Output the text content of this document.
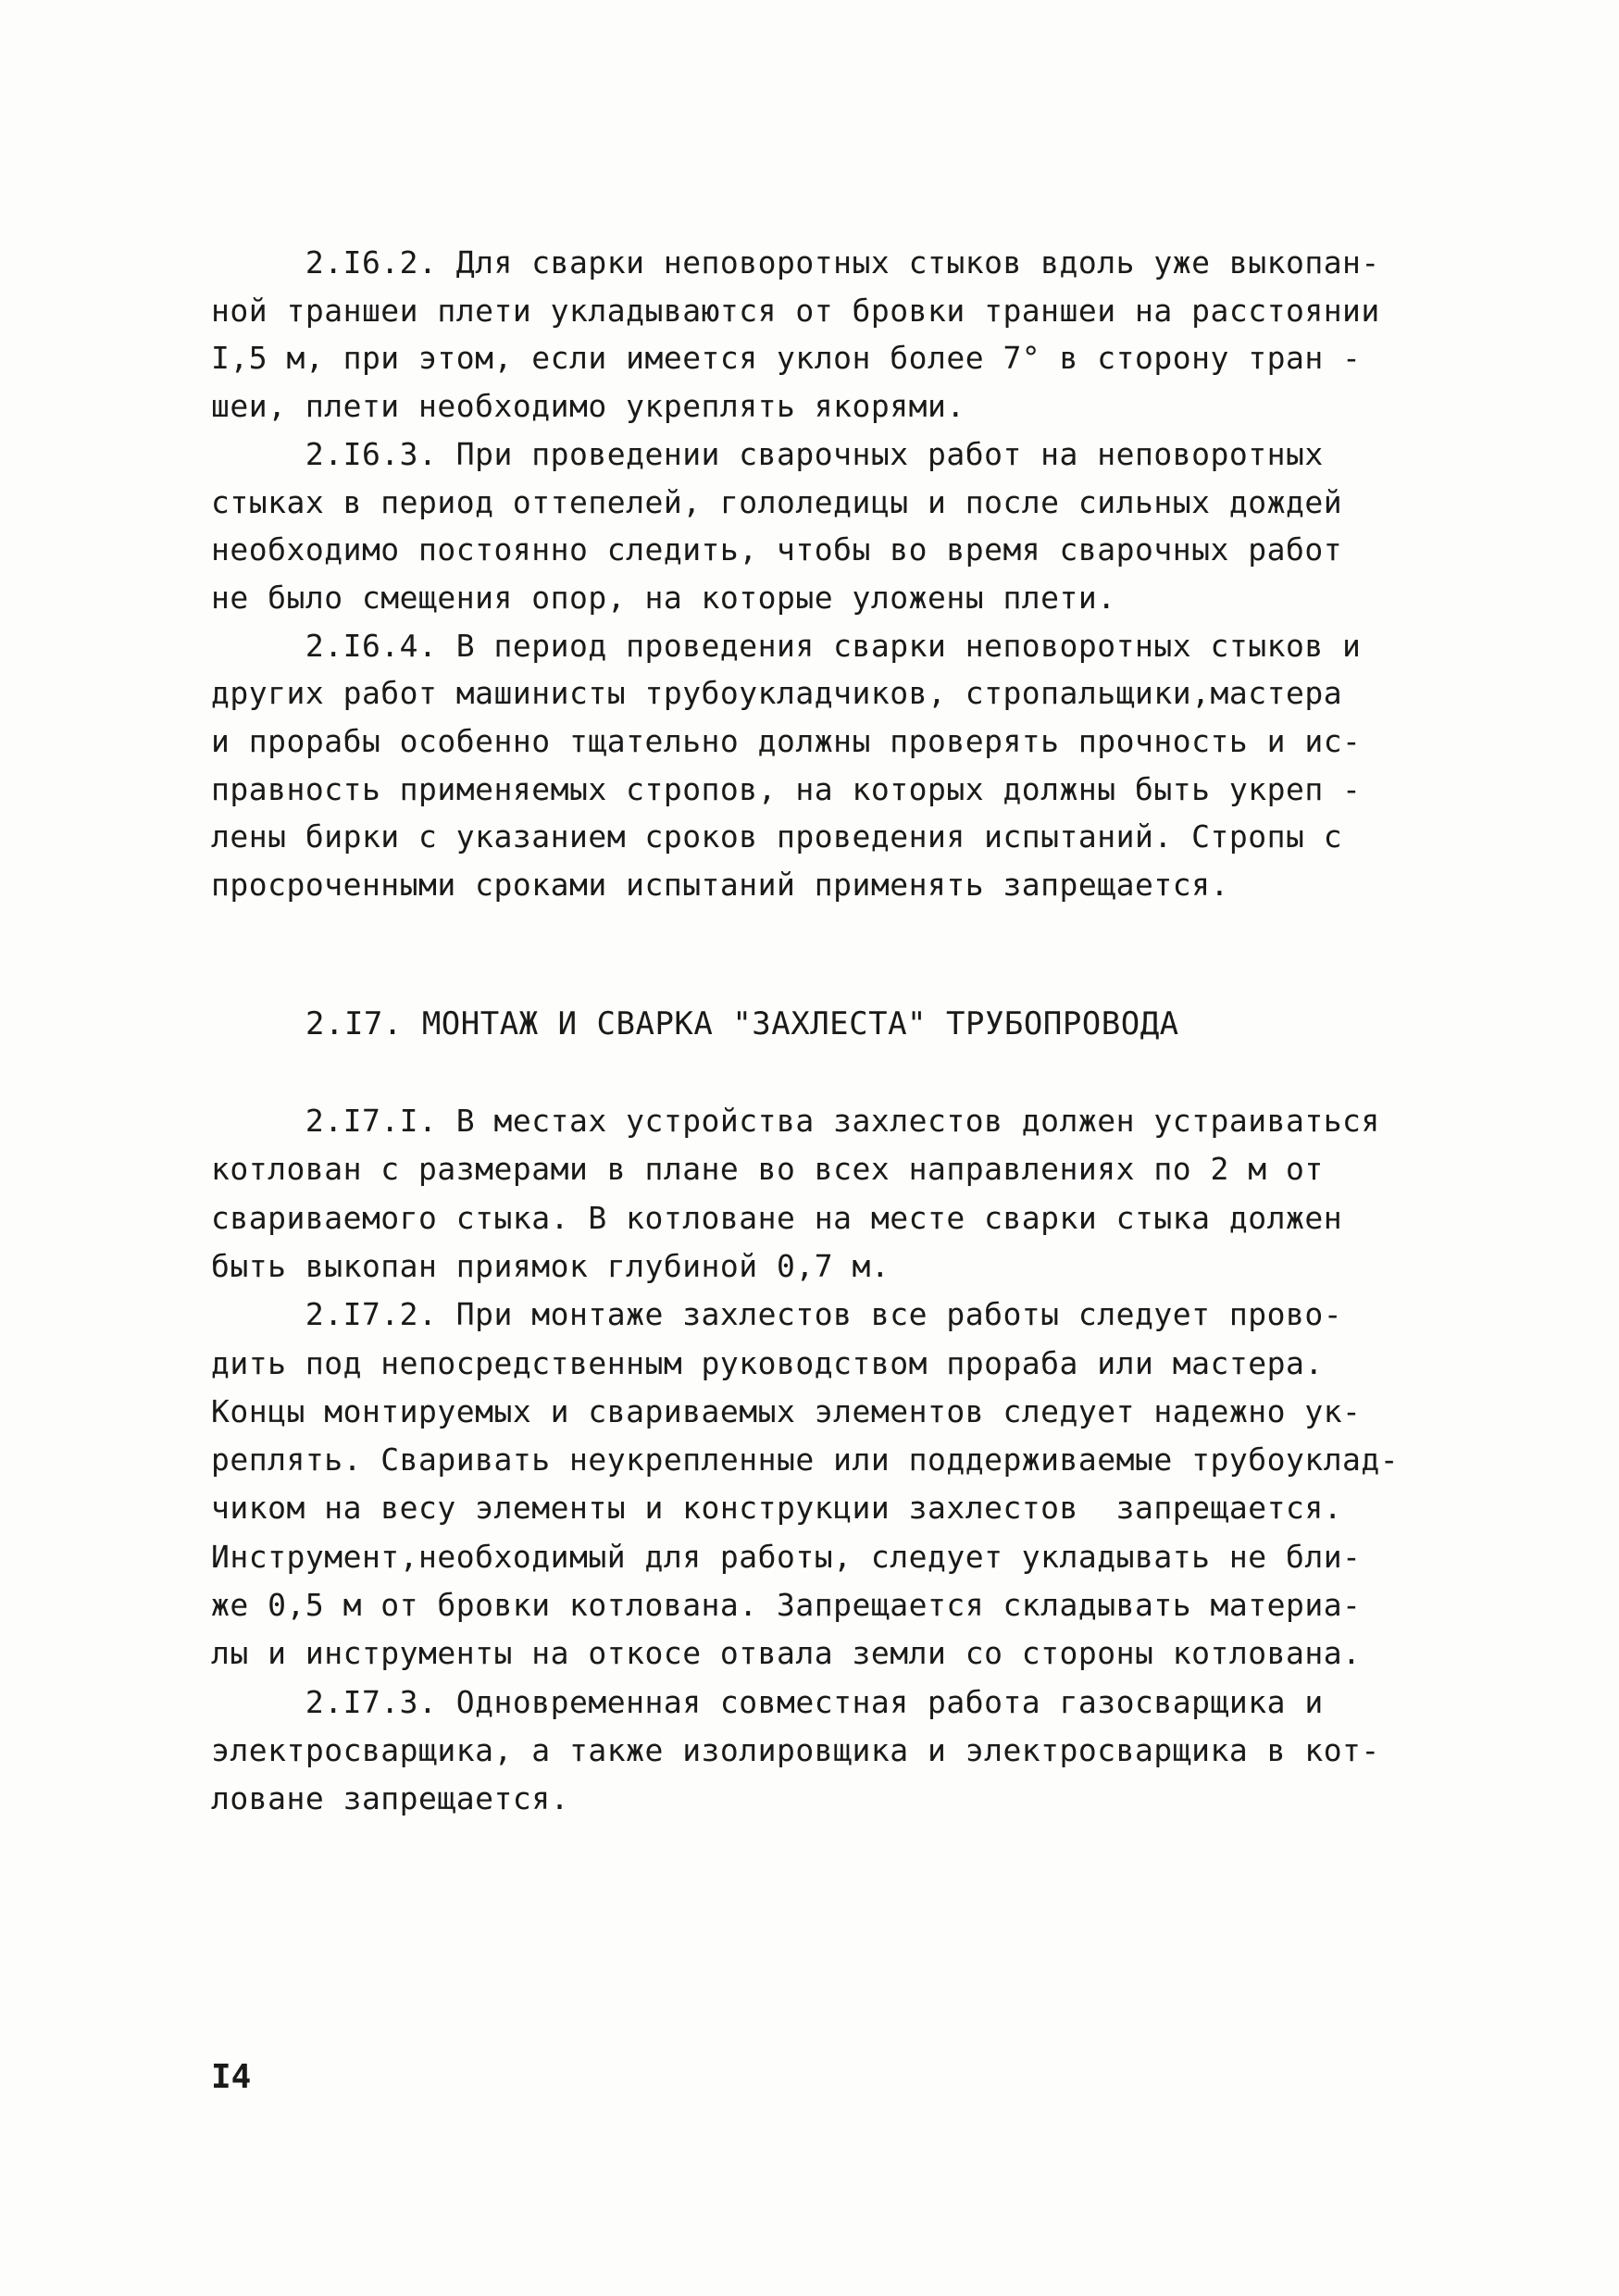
2.I6.2. Для сварки неповоротных стыков вдоль уже выкопан-
ной траншеи плети укладываются от бровки траншеи на расстоянии
I,5 м, при этом, если имеется уклон более 7° в сторону тран -
шеи, плети необходимо укреплять якорями.
2.I6.3. При проведении сварочных работ на неповоротных
стыках в период оттепелей, гололедицы и после сильных дождей
необходимо постоянно следить, чтобы во время сварочных работ
не было смещения опор, на которые уложены плети.
2.I6.4. В период проведения сварки неповоротных стыков и
других работ машинисты трубоукладчиков, стропальщики,мастера
и прорабы особенно тщательно должны проверять прочность и ис-
правность применяемых стропов, на которых должны быть укреп -
лены бирки с указанием сроков проведения испытаний. Стропы с
просроченными сроками испытаний применять запрещается.
2.I7. МОНТАЖ И СВАРКА "ЗАХЛЕСТА" ТРУБОПРОВОДА
2.I7.I. В местах устройства захлестов должен устраиваться
котлован с размерами в плане во всех направлениях по 2 м от
свариваемого стыка. В котловане на месте сварки стыка должен
быть выкопан приямок глубиной 0,7 м.
2.I7.2. При монтаже захлестов все работы следует прово-
дить под непосредственным руководством прораба или мастера.
Концы монтируемых и свариваемых элементов следует надежно ук-
реплять. Сваривать неукрепленные или поддерживаемые трубоуклад-
чиком на весу элементы и конструкции захлестов  запрещается.
Инструмент,необходимый для работы, следует укладывать не бли-
же 0,5 м от бровки котлована. Запрещается складывать материа-
лы и инструменты на откосе отвала земли со стороны котлована.
2.I7.3. Одновременная совместная работа газосварщика и
электросварщика, а также изолировщика и электросварщика в кот-
ловане запрещается.
I4
